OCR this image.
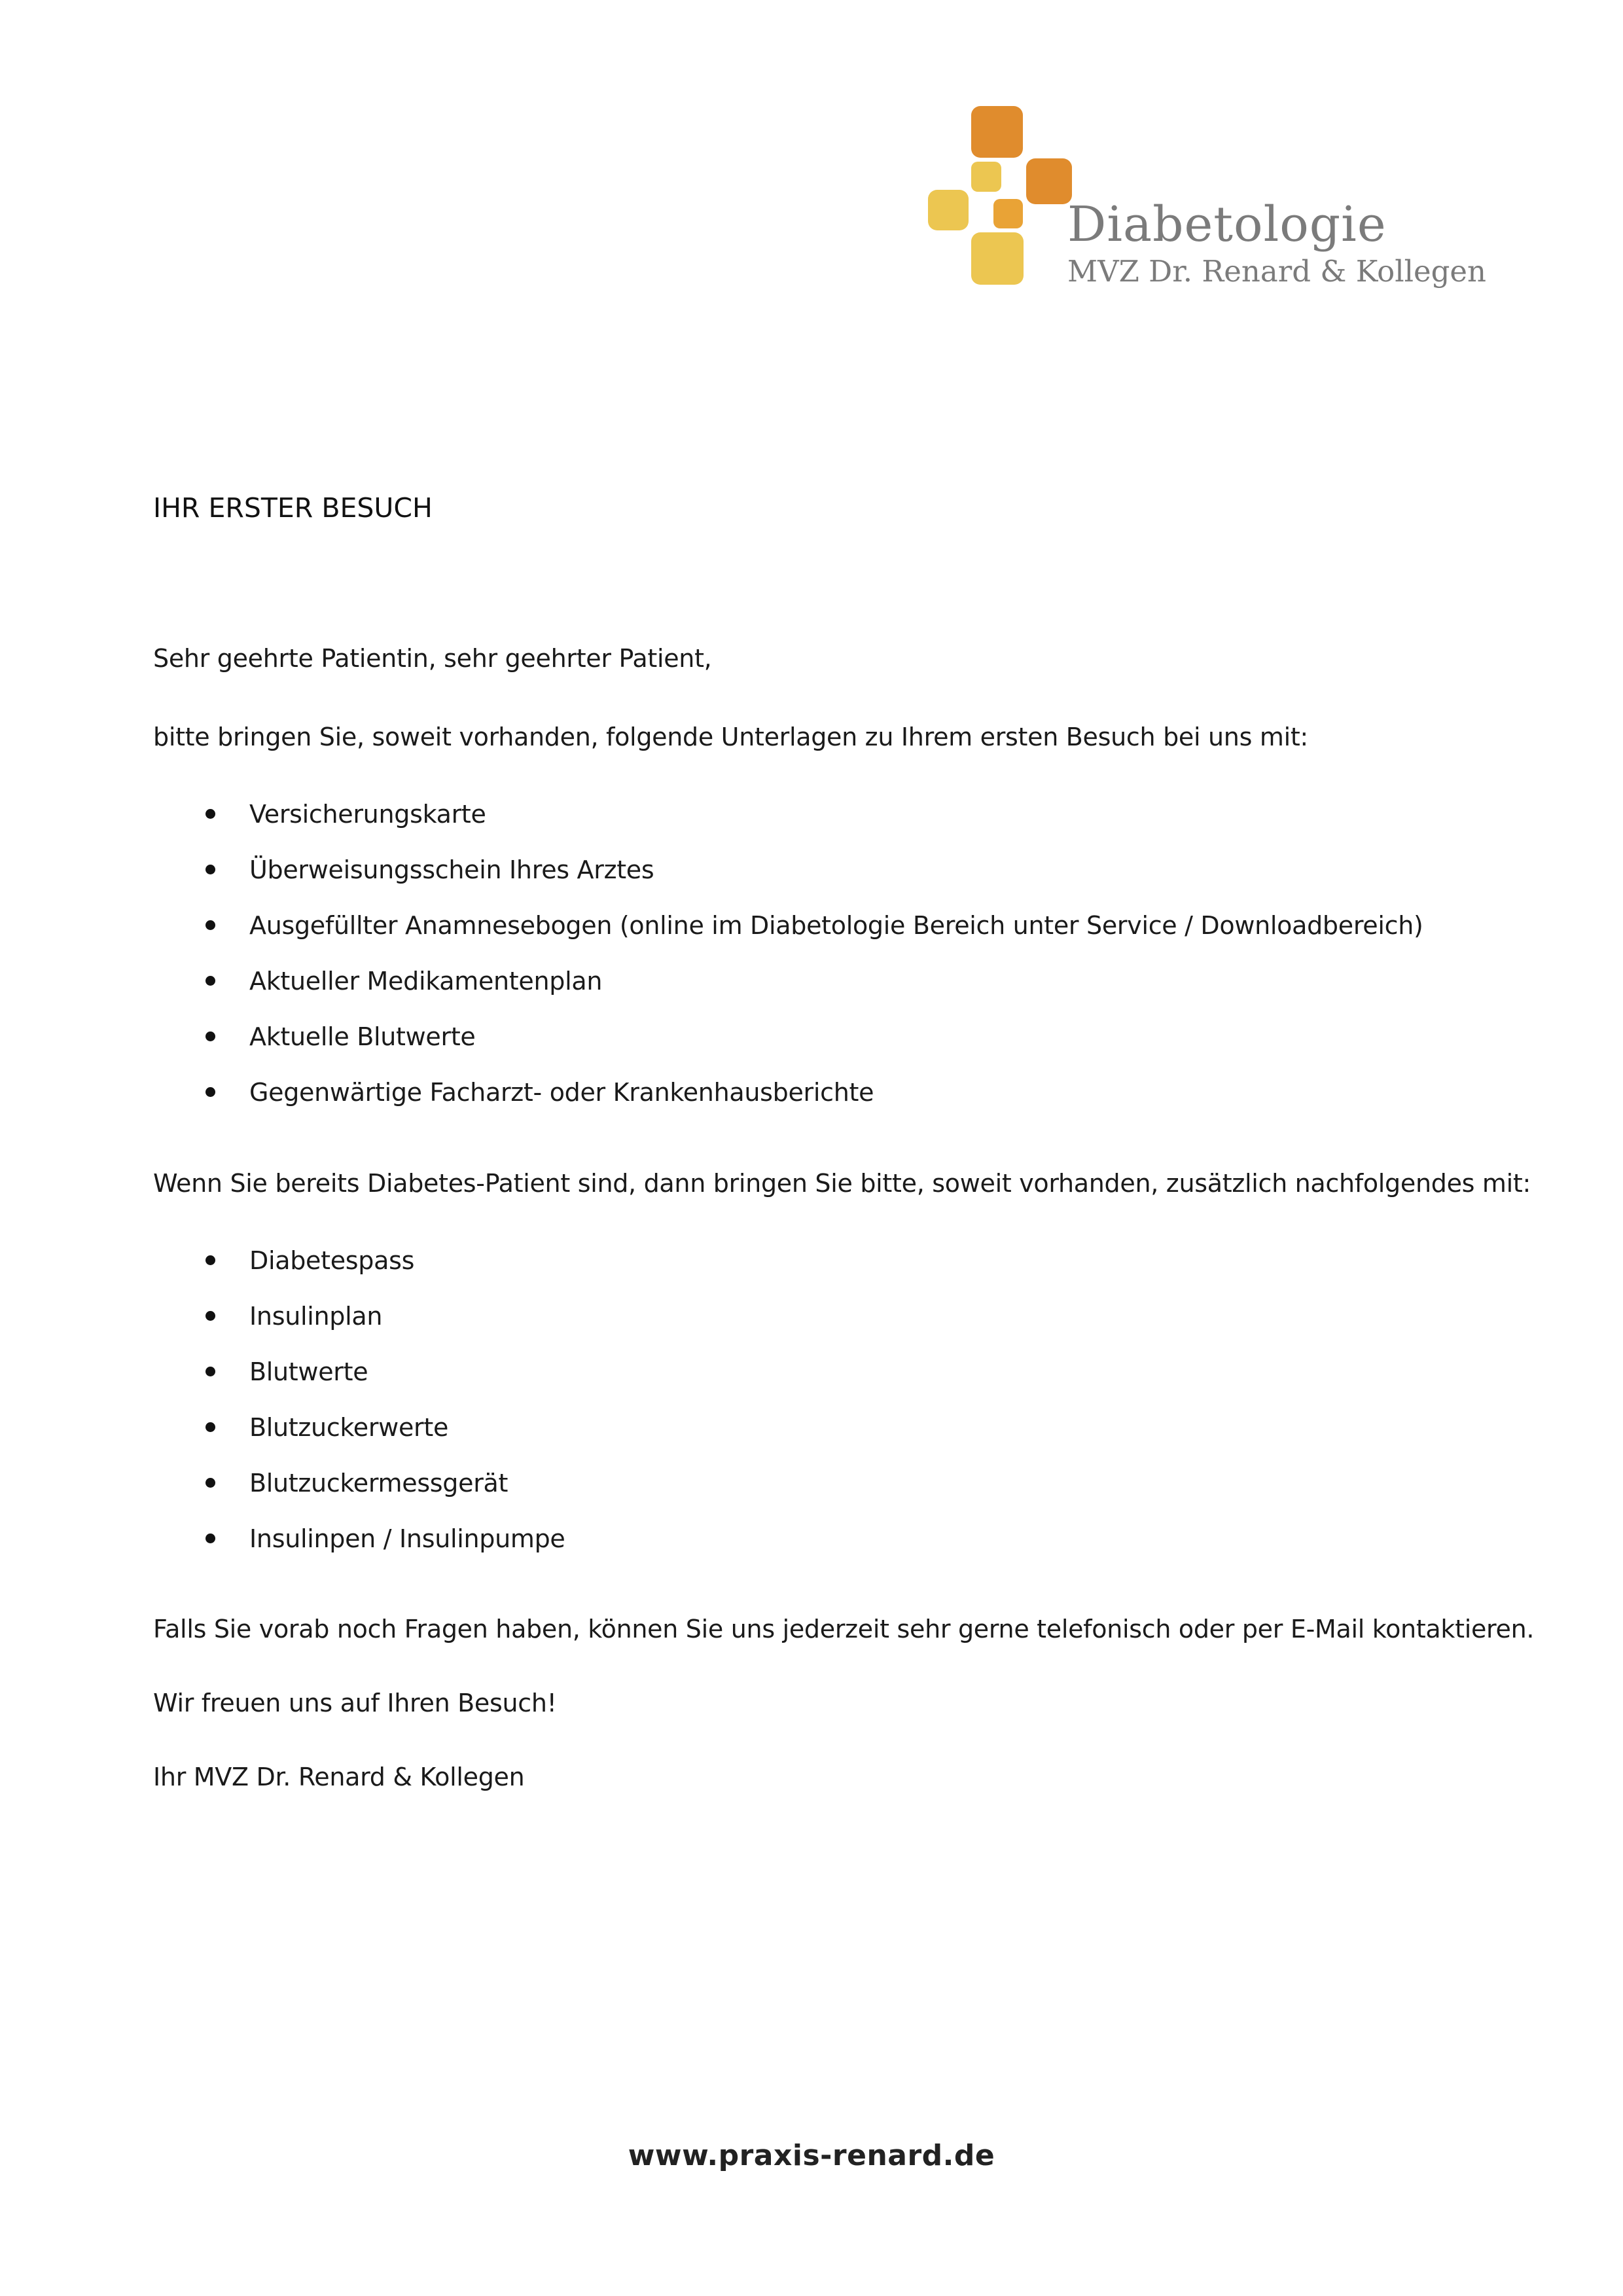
Diabetologie
MVZ Dr. Renard & Kollegen
IHR ERSTER BESUCH

Sehr geehrte Patientin, sehr geehrter Patient,

bitte bringen Sie, soweit vorhanden, folgende Unterlagen zu Ihrem ersten Besuch bei uns mit:

Versicherungskarte
Überweisungsschein Ihres Arztes
Ausgefüllter Anamnesebogen (online im Diabetologie Bereich unter Service / Downloadbereich)
Aktueller Medikamentenplan
Aktuelle Blutwerte
Gegenwärtige Facharzt- oder Krankenhausberichte

Wenn Sie bereits Diabetes-Patient sind, dann bringen Sie bitte, soweit vorhanden, zusätzlich nachfolgendes mit:

Diabetespass
Insulinplan
Blutwerte
Blutzuckerwerte
Blutzuckermessgerät
Insulinpen / Insulinpumpe

Falls Sie vorab noch Fragen haben, können Sie uns jederzeit sehr gerne telefonisch oder per E-Mail kontaktieren.

Wir freuen uns auf Ihren Besuch!

Ihr MVZ Dr. Renard & Kollegen

www.praxis-renard.de
